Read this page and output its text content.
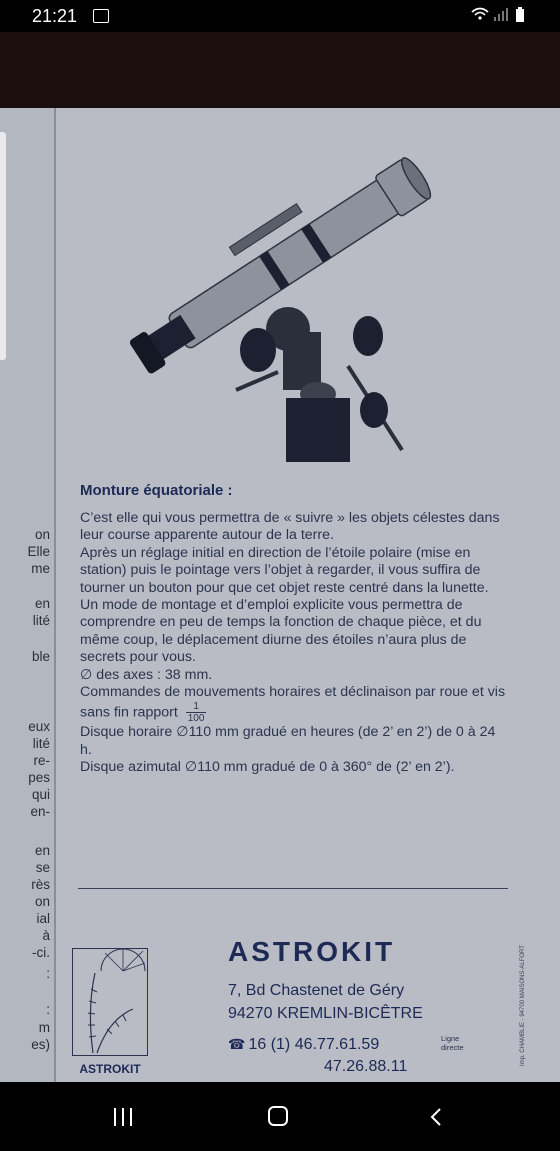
21:21
on
Elle
me
en
lité
ble
eux
lité
re-
pes
qui
en-
en
se
rès
on
ial
à
-ci.
:
:
m
es)
Monture équatoriale :

C’est elle qui vous permettra de « suivre » les objets célestes dans leur course apparente autour de la terre.

Après un réglage initial en direction de l’étoile polaire (mise en station) puis le pointage vers l’objet à regarder, il vous suffira de tourner un bouton pour que cet objet reste centré dans la lunette.

Un mode de montage et d’emploi explicite vous permettra de comprendre en peu de temps la fonction de chaque pièce, et du même coup, le déplacement diurne des étoiles n’aura plus de secrets pour vous.

∅ des axes : 38 mm.

Commandes de mouvements horaires et déclinaison par roue et vis sans fin rapport $\frac{1}{100}$

Disque horaire ∅110 mm gradué en heures (de 2’ en 2’) de 0 à 24 h.

Disque azimutal ∅110 mm gradué de 0 à 360° de (2’ en 2’).

ASTROKIT
ASTROKIT
7, Bd Chastenet de Géry
94270 KREMLIN-BICÊTRE
☎ 16 (1) 46.77.61.59	Ligne
directe
47.26.88.11
Imp. CHAMBLIE - 94700 MAISONS-ALFORT
